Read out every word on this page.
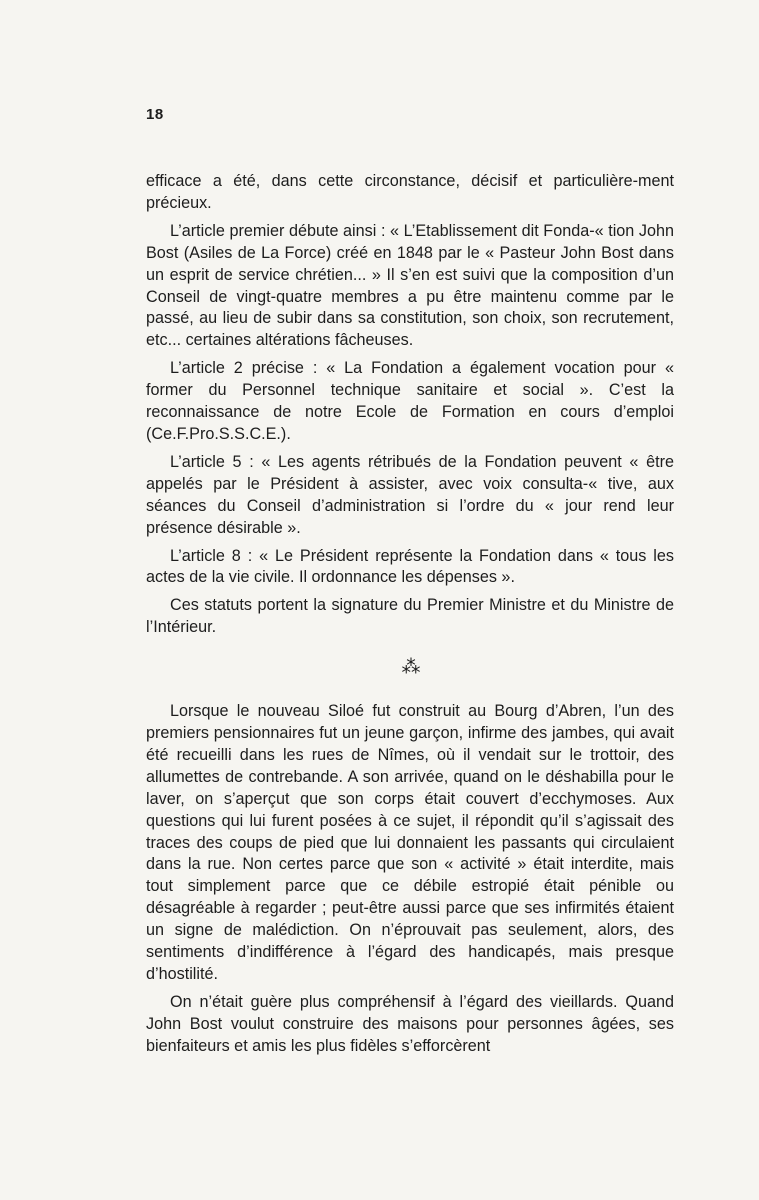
18

efficace a été, dans cette circonstance, décisif et particulière-ment précieux.

L’article premier débute ainsi : « L’Etablissement dit Fonda-« tion John Bost (Asiles de La Force) créé en 1848 par le « Pasteur John Bost dans un esprit de service chrétien... » Il s’en est suivi que la composition d’un Conseil de vingt-quatre membres a pu être maintenu comme par le passé, au lieu de subir dans sa constitution, son choix, son recrutement, etc... certaines altérations fâcheuses.

L’article 2 précise : « La Fondation a également vocation pour « former du Personnel technique sanitaire et social ». C’est la reconnaissance de notre Ecole de Formation en cours d’emploi (Ce.F.Pro.S.S.C.E.).

L’article 5 : « Les agents rétribués de la Fondation peuvent « être appelés par le Président à assister, avec voix consulta-« tive, aux séances du Conseil d’administration si l’ordre du « jour rend leur présence désirable ».

L’article 8 : « Le Président représente la Fondation dans « tous les actes de la vie civile. Il ordonnance les dépenses ».

Ces statuts portent la signature du Premier Ministre et du Ministre de l’Intérieur.

⁂

Lorsque le nouveau Siloé fut construit au Bourg d’Abren, l’un des premiers pensionnaires fut un jeune garçon, infirme des jambes, qui avait été recueilli dans les rues de Nîmes, où il vendait sur le trottoir, des allumettes de contrebande. A son arrivée, quand on le déshabilla pour le laver, on s’aperçut que son corps était couvert d’ecchymoses. Aux questions qui lui furent posées à ce sujet, il répondit qu’il s’agissait des traces des coups de pied que lui donnaient les passants qui circulaient dans la rue. Non certes parce que son « activité » était interdite, mais tout simplement parce que ce débile estropié était pénible ou désagréable à regarder ; peut-être aussi parce que ses infirmités étaient un signe de malédiction. On n’éprouvait pas seulement, alors, des sentiments d’indifférence à l’égard des handicapés, mais presque d’hostilité.

On n’était guère plus compréhensif à l’égard des vieillards. Quand John Bost voulut construire des maisons pour personnes âgées, ses bienfaiteurs et amis les plus fidèles s’efforcèrent
